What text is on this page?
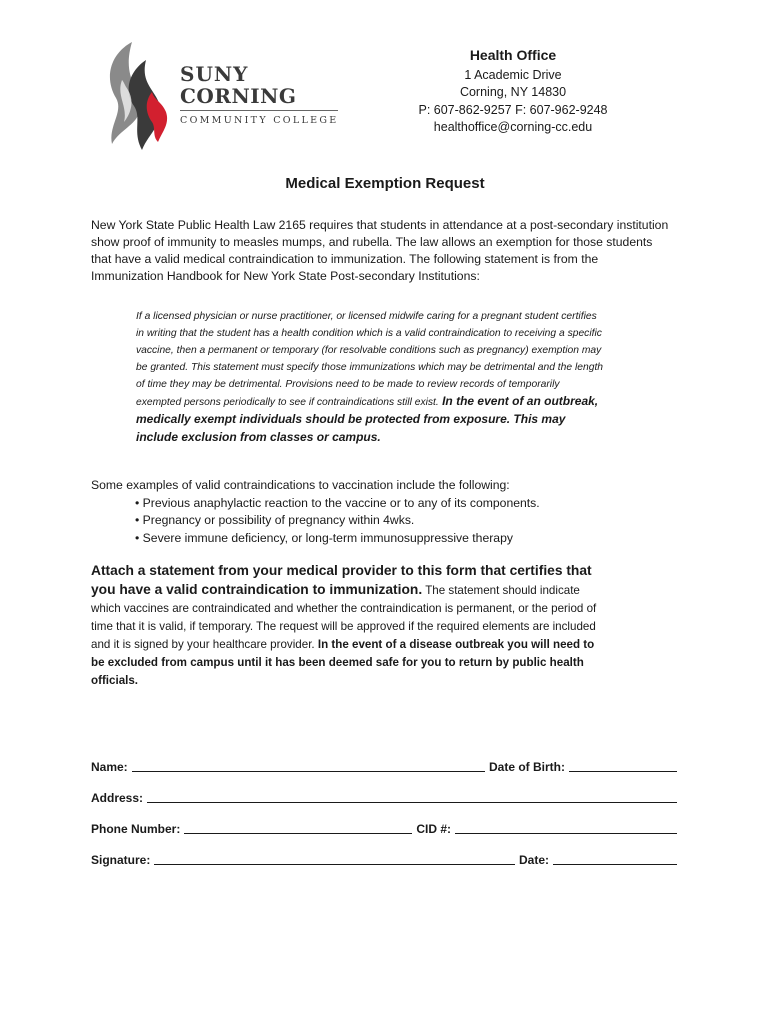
SUNY
CORNING
COMMUNITY COLLEGE
Health Office
1 Academic Drive
Corning, NY 14830
P: 607-862-9257 F: 607-962-9248
healthoffice@corning-cc.edu
Medical Exemption Request
New York State Public Health Law 2165 requires that students in attendance at a post-secondary institution show proof of immunity to measles mumps, and rubella. The law allows an exemption for those students that have a valid medical contraindication to immunization. The following statement is from the Immunization Handbook for New York State Post-secondary Institutions:
If a licensed physician or nurse practitioner, or licensed midwife caring for a pregnant student certifies in writing that the student has a health condition which is a valid contraindication to receiving a specific vaccine, then a permanent or temporary (for resolvable conditions such as pregnancy) exemption may be granted. This statement must specify those immunizations which may be detrimental and the length of time they may be detrimental. Provisions need to be made to review records of temporarily exempted persons periodically to see if contraindications still exist. In the event of an outbreak, medically exempt individuals should be protected from exposure. This may include exclusion from classes or campus.
Some examples of valid contraindications to vaccination include the following:
• Previous anaphylactic reaction to the vaccine or to any of its components.
• Pregnancy or possibility of pregnancy within 4wks.
• Severe immune deficiency, or long-term immunosuppressive therapy
Attach a statement from your medical provider to this form that certifies that you have a valid contraindication to immunization. The statement should indicate which vaccines are contraindicated and whether the contraindication is permanent, or the period of time that it is valid, if temporary. The request will be approved if the required elements are included and it is signed by your healthcare provider. In the event of a disease outbreak you will need to be excluded from campus until it has been deemed safe for you to return by public health officials.
Name:	Date of Birth:
Address:
Phone Number:	CID #:
Signature:	Date:
